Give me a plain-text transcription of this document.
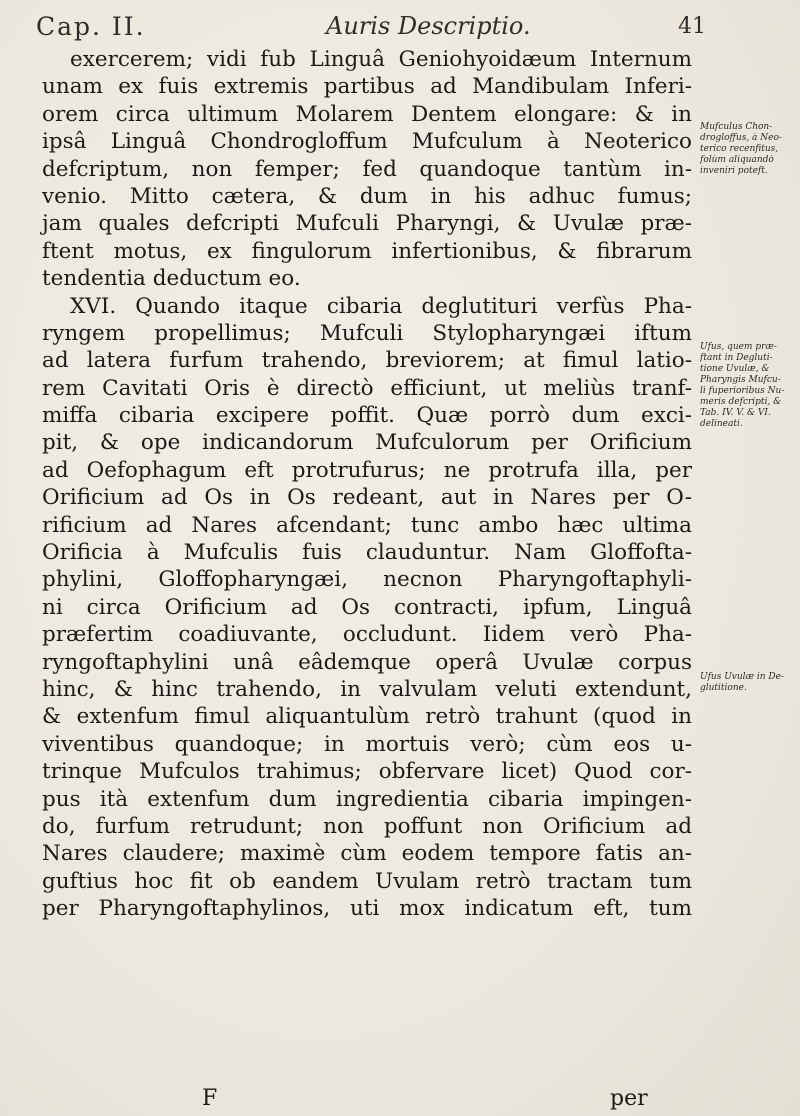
Cap. II.	Auris Descriptio.	41
exercerem; vidi fub Linguâ Geniohyoidæum Internum
unam ex fuis extremis partibus ad Mandibulam Inferi-
orem circa ultimum Molarem Dentem elongare: & in
ipsâ Linguâ Chondrogloffum Mufculum à Neoterico
defcriptum, non femper; fed quandoque tantùm in-
venio. Mitto cætera, & dum in his adhuc fumus;
jam quales defcripti Mufculi Pharyngi, & Uvulæ præ-
ftent motus, ex fingulorum infertionibus, & fibrarum
tendentia deductum eo.
XVI. Quando itaque cibaria deglutituri verfùs Pha-
ryngem propellimus; Mufculi Stylopharyngæi iftum
ad latera furfum trahendo, breviorem; at fimul latio-
rem Cavitati Oris è directò efficiunt, ut meliùs tranf-
miffa cibaria excipere poffit. Quæ porrò dum exci-
pit, & ope indicandorum Mufculorum per Orificium
ad Oefophagum eft protrufurus; ne protrufa illa, per
Orificium ad Os in Os redeant, aut in Nares per O-
rificium ad Nares afcendant; tunc ambo hæc ultima
Orificia à Mufculis fuis clauduntur. Nam Gloffofta-
phylini, Gloffopharyngæi, necnon Pharyngoftaphyli-
ni circa Orificium ad Os contracti, ipfum, Linguâ
præfertim coadiuvante, occludunt. Iidem verò Pha-
ryngoftaphylini unâ eâdemque operâ Uvulæ corpus
hinc, & hinc trahendo, in valvulam veluti extendunt,
& extenfum fimul aliquantulùm retrò trahunt (quod in
viventibus quandoque; in mortuis verò; cùm eos u-
trinque Mufculos trahimus; obfervare licet) Quod cor-
pus ità extenfum dum ingredientia cibaria impingen-
do, furfum retrudunt; non poffunt non Orificium ad
Nares claudere; maximè cùm eodem tempore fatis an-
guftius hoc fit ob eandem Uvulam retrò tractam tum
per Pharyngoftaphylinos, uti mox indicatum eft, tum
Mufculus Chon-
drogloffus, à Neo-
terico recenfitus,
folùm aliquandò
inveniri poteft.
Ufus, quem præ-
ftant in Degluti-
tione Uvulæ, &
Pharyngis Mufcu-
li fuperioribus Nu-
meris defcripti, &
Tab. IV. V. & VI.
delineati.
Ufus Uvulæ in De-
glutitione.
F	per
